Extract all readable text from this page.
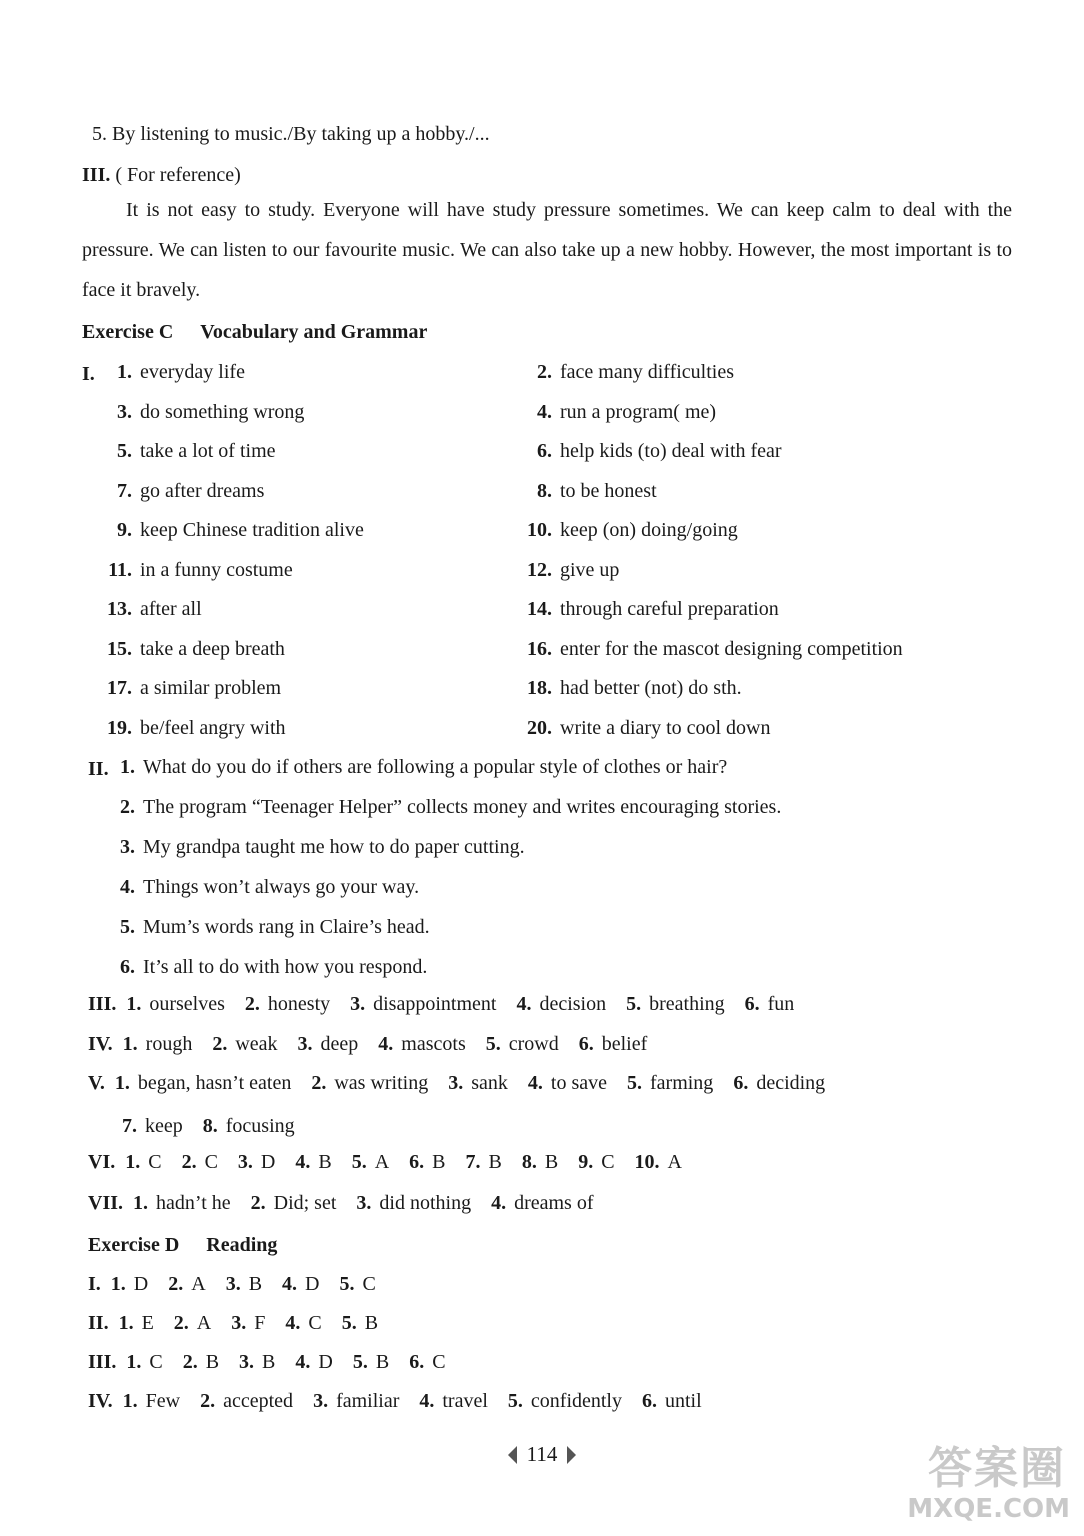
5. By listening to music./By taking up a hobby./...
III. ( For reference)
It is not easy to study. Everyone will have study pressure sometimes. We can keep calm to deal with the pressure. We can listen to our favourite music. We can also take up a new hobby. However, the most important is to face it bravely.
Exercise C Vocabulary and Grammar
I. 1. everyday life	2. face many difficulties
3. do something wrong	4. run a program( me)
5. take a lot of time	6. help kids (to) deal with fear
7. go after dreams	8. to be honest
9. keep Chinese tradition alive	10. keep (on) doing/going
11. in a funny costume	12. give up
13. after all	14. through careful preparation
15. take a deep breath	16. enter for the mascot designing competition
17. a similar problem	18. had better (not) do sth.
19. be/feel angry with	20. write a diary to cool down
II. 1. What do you do if others are following a popular style of clothes or hair?
2. The program “Teenager Helper” collects money and writes encouraging stories.
3. My grandpa taught me how to do paper cutting.
4. Things won’t always go your way.
5. Mum’s words rang in Claire’s head.
6. It’s all to do with how you respond.
III. 1. ourselves 2. honesty 3. disappointment 4. decision 5. breathing 6. fun
IV. 1. rough 2. weak 3. deep 4. mascots 5. crowd 6. belief
V. 1. began, hasn’t eaten 2. was writing 3. sank 4. to save 5. farming 6. deciding
7. keep 8. focusing
VI. 1. C 2. C 3. D 4. B 5. A 6. B 7. B 8. B 9. C 10. A
VII. 1. hadn’t he 2. Did; set 3. did nothing 4. dreams of
Exercise D Reading
I. 1. D 2. A 3. B 4. D 5. C
II. 1. E 2. A 3. F 4. C 5. B
III. 1. C 2. B 3. B 4. D 5. B 6. C
IV. 1. Few 2. accepted 3. familiar 4. travel 5. confidently 6. until
114	答案圈
MXQE.COM
